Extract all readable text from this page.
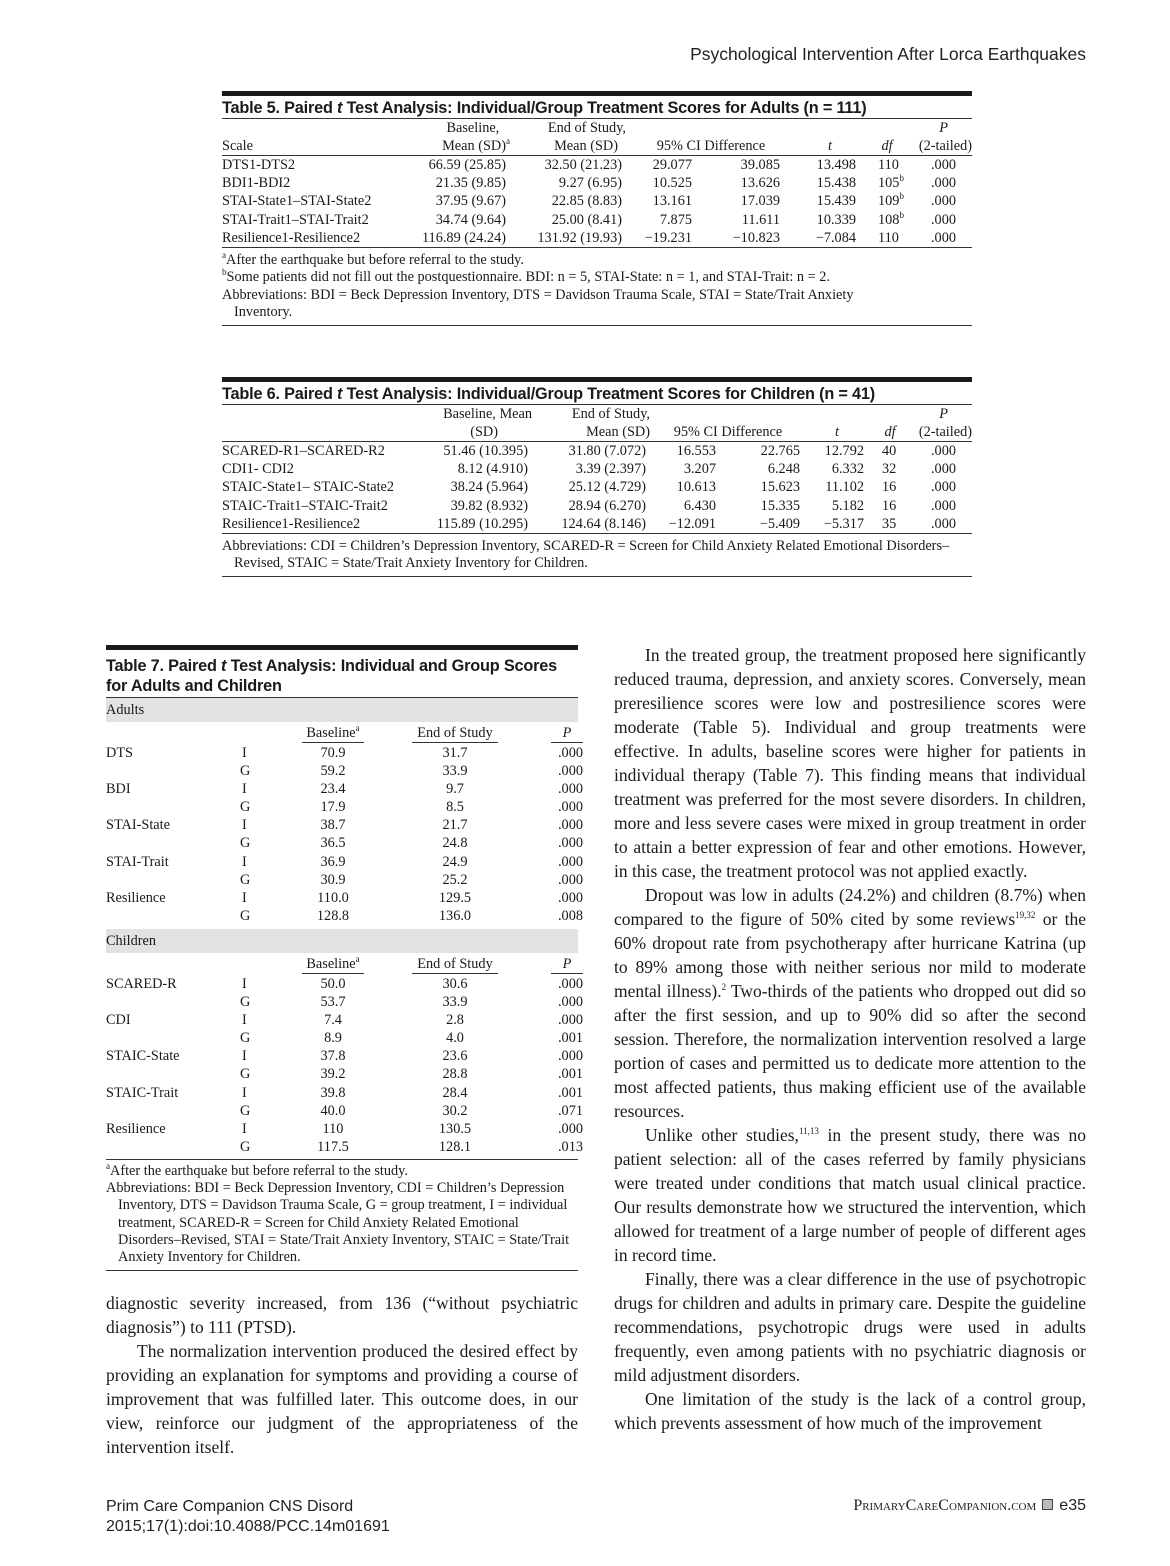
Psychological Intervention After Lorca Earthquakes
Table 5. Paired t Test Analysis: Individual/Group Treatment Scores for Adults (n = 111)
	Baseline,	End of Study,					P
Scale	Mean (SD)$^a$	Mean (SD)	95% CI Difference		t	df	(2-tailed)
DTS1-DTS2	66.59 (25.85)	32.50 (21.23)	29.077	39.085	13.498	110	.000
BDI1-BDI2	21.35 (9.85)	9.27 (6.95)	10.525	13.626	15.438	105$^b$	.000
STAI-State1–STAI-State2	37.95 (9.67)	22.85 (8.83)	13.161	17.039	15.439	109$^b$	.000
STAI-Trait1–STAI-Trait2	34.74 (9.64)	25.00 (8.41)	7.875	11.611	10.339	108$^b$	.000
Resilience1-Resilience2	116.89 (24.24)	131.92 (19.93)	−19.231	−10.823	−7.084	110	.000
$^a$After the earthquake but before referral to the study.
$^b$Some patients did not fill out the postquestionnaire. BDI: n = 5, STAI-State: n = 1, and STAI-Trait: n = 2.
Abbreviations: BDI = Beck Depression Inventory, DTS = Davidson Trauma Scale, STAI = State/Trait Anxiety Inventory.
Table 6. Paired t Test Analysis: Individual/Group Treatment Scores for Children (n = 41)
	Baseline, Mean	End of Study,					P
	(SD)	Mean (SD)	95% CI Difference		t	df	(2-tailed)
SCARED-R1–SCARED-R2	51.46 (10.395)	31.80 (7.072)	16.553	22.765	12.792	40	.000
CDI1- CDI2	8.12 (4.910)	3.39 (2.397)	3.207	6.248	6.332	32	.000
STAIC-State1– STAIC-State2	38.24 (5.964)	25.12 (4.729)	10.613	15.623	11.102	16	.000
STAIC-Trait1–STAIC-Trait2	39.82 (8.932)	28.94 (6.270)	6.430	15.335	5.182	16	.000
Resilience1-Resilience2	115.89 (10.295)	124.64 (8.146)	−12.091	−5.409	−5.317	35	.000
Abbreviations: CDI = Children’s Depression Inventory, SCARED-R = Screen for Child Anxiety Related Emotional Disorders–Revised, STAIC = State/Trait Anxiety Inventory for Children.
Table 7. Paired t Test Analysis: Individual and Group Scores for Adults and Children
Adults
Baseline$^a$	End of Study	P
DTS	I	70.9	31.7	.000
G	59.2	33.9	.000
BDI	I	23.4	9.7	.000
G	17.9	8.5	.000
STAI-State	I	38.7	21.7	.000
G	36.5	24.8	.000
STAI-Trait	I	36.9	24.9	.000
G	30.9	25.2	.000
Resilience	I	110.0	129.5	.000
G	128.8	136.0	.008
Children
Baseline$^a$	End of Study	P
SCARED-R	I	50.0	30.6	.000
G	53.7	33.9	.000
CDI	I	7.4	2.8	.000
G	8.9	4.0	.001
STAIC-State	I	37.8	23.6	.000
G	39.2	28.8	.001
STAIC-Trait	I	39.8	28.4	.001
G	40.0	30.2	.071
Resilience	I	110	130.5	.000
G	117.5	128.1	.013
$^a$After the earthquake but before referral to the study.
Abbreviations: BDI = Beck Depression Inventory, CDI = Children’s Depression Inventory, DTS = Davidson Trauma Scale, G = group treatment, I = individual treatment, SCARED-R = Screen for Child Anxiety Related Emotional Disorders–Revised, STAI = State/Trait Anxiety Inventory, STAIC = State/Trait Anxiety Inventory for Children.

diagnostic severity increased, from 136 (“without psychiatric diagnosis”) to 111 (PTSD).

The normalization intervention produced the desired effect by providing an explanation for symptoms and providing a course of improvement that was fulfilled later. This outcome does, in our view, reinforce our judgment of the appropriateness of the intervention itself.

In the treated group, the treatment proposed here significantly reduced trauma, depression, and anxiety scores. Conversely, mean preresilience scores were low and postresilience scores were moderate (Table 5). Individual and group treatments were effective. In adults, baseline scores were higher for patients in individual therapy (Table 7). This finding means that individual treatment was preferred for the most severe disorders. In children, more and less severe cases were mixed in group treatment in order to attain a better expression of fear and other emotions. However, in this case, the treatment protocol was not applied exactly.

Dropout was low in adults (24.2%) and children (8.7%) when compared to the figure of 50% cited by some reviews$^{19,32}$ or the 60% dropout rate from psychotherapy after hurricane Katrina (up to 89% among those with neither serious nor mild to moderate mental illness).$^2$ Two-thirds of the patients who dropped out did so after the first session, and up to 90% did so after the second session. Therefore, the normalization intervention resolved a large portion of cases and permitted us to dedicate more attention to the most affected patients, thus making efficient use of the available resources.

Unlike other studies,$^{11,13}$ in the present study, there was no patient selection: all of the cases referred by family physicians were treated under conditions that match usual clinical practice. Our results demonstrate how we structured the intervention, which allowed for treatment of a large number of people of different ages in record time.

Finally, there was a clear difference in the use of psychotropic drugs for children and adults in primary care. Despite the guideline recommendations, psychotropic drugs were used in adults frequently, even among patients with no psychiatric diagnosis or mild adjustment disorders.

One limitation of the study is the lack of a control group, which prevents assessment of how much of the improvement

Prim Care Companion CNS Disord
2015;17(1):doi:10.4088/PCC.14m01691
PrimaryCareCompanion.com e35
